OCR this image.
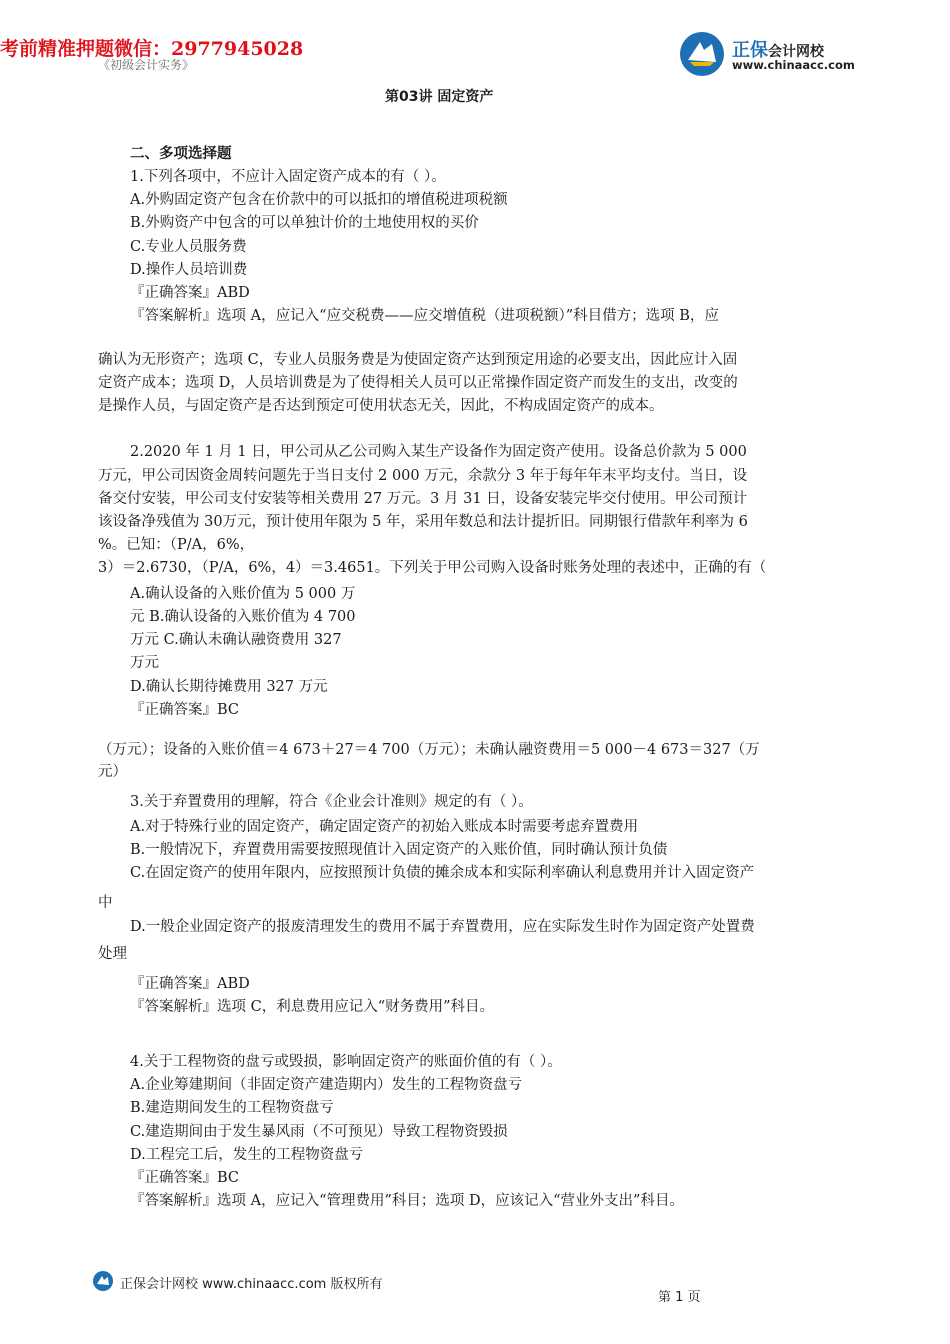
考前精准押题微信：2977945028
《初级会计实务》
正保会计网校
www.chinaacc.com
第03讲 固定资产
二、多项选择题
1.下列各项中，不应计入固定资产成本的有（ ）。
A.外购固定资产包含在价款中的可以抵扣的增值税进项税额
B.外购资产中包含的可以单独计价的土地使用权的买价
C.专业人员服务费
D.操作人员培训费
『正确答案』ABD
『答案解析』选项 A，应记入“应交税费——应交增值税（进项税额）”科目借方；选项 B，应
确认为无形资产；选项 C，专业人员服务费是为使固定资产达到预定用途的必要支出，因此应计入固
定资产成本；选项 D，人员培训费是为了使得相关人员可以正常操作固定资产而发生的支出，改变的
是操作人员，与固定资产是否达到预定可使用状态无关，因此，不构成固定资产的成本。
2.2020 年 1 月 1 日，甲公司从乙公司购入某生产设备作为固定资产使用。设备总价款为 5 000
万元，甲公司因资金周转问题先于当日支付 2 000 万元，余款分 3 年于每年年末平均支付。当日，设
备交付安装，甲公司支付安装等相关费用 27 万元。3 月 31 日，设备安装完毕交付使用。甲公司预计
该设备净残值为 30万元，预计使用年限为 5 年，采用年数总和法计提折旧。同期银行借款年利率为 6
%。已知：（P/A，6%，
3）＝2.6730，（P/A，6%，4）＝3.4651。下列关于甲公司购入设备时账务处理的表述中，正确的有（
A.确认设备的入账价值为 5 000 万
元 B.确认设备的入账价值为 4 700
万元 C.确认未确认融资费用 327
万元
D.确认长期待摊费用 327 万元
『正确答案』BC
（万元）；设备的入账价值＝4 673＋27＝4 700（万元）；未确认融资费用＝5 000－4 673＝327（万
元）
3.关于弃置费用的理解，符合《企业会计准则》规定的有（ ）。
A.对于特殊行业的固定资产，确定固定资产的初始入账成本时需要考虑弃置费用
B.一般情况下，弃置费用需要按照现值计入固定资产的入账价值，同时确认预计负债
C.在固定资产的使用年限内，应按照预计负债的摊余成本和实际利率确认利息费用并计入固定资产
中
D.一般企业固定资产的报废清理发生的费用不属于弃置费用，应在实际发生时作为固定资产处置费
处理
『正确答案』ABD
『答案解析』选项 C，利息费用应记入“财务费用”科目。
4.关于工程物资的盘亏或毁损，影响固定资产的账面价值的有（ ）。
A.企业筹建期间（非固定资产建造期内）发生的工程物资盘亏
B.建造期间发生的工程物资盘亏
C.建造期间由于发生暴风雨（不可预见）导致工程物资毁损
D.工程完工后，发生的工程物资盘亏
『正确答案』BC
『答案解析』选项 A，应记入“管理费用”科目；选项 D，应该记入“营业外支出”科目。
正保会计网校 www.chinaacc.com 版权所有
第 1 页
